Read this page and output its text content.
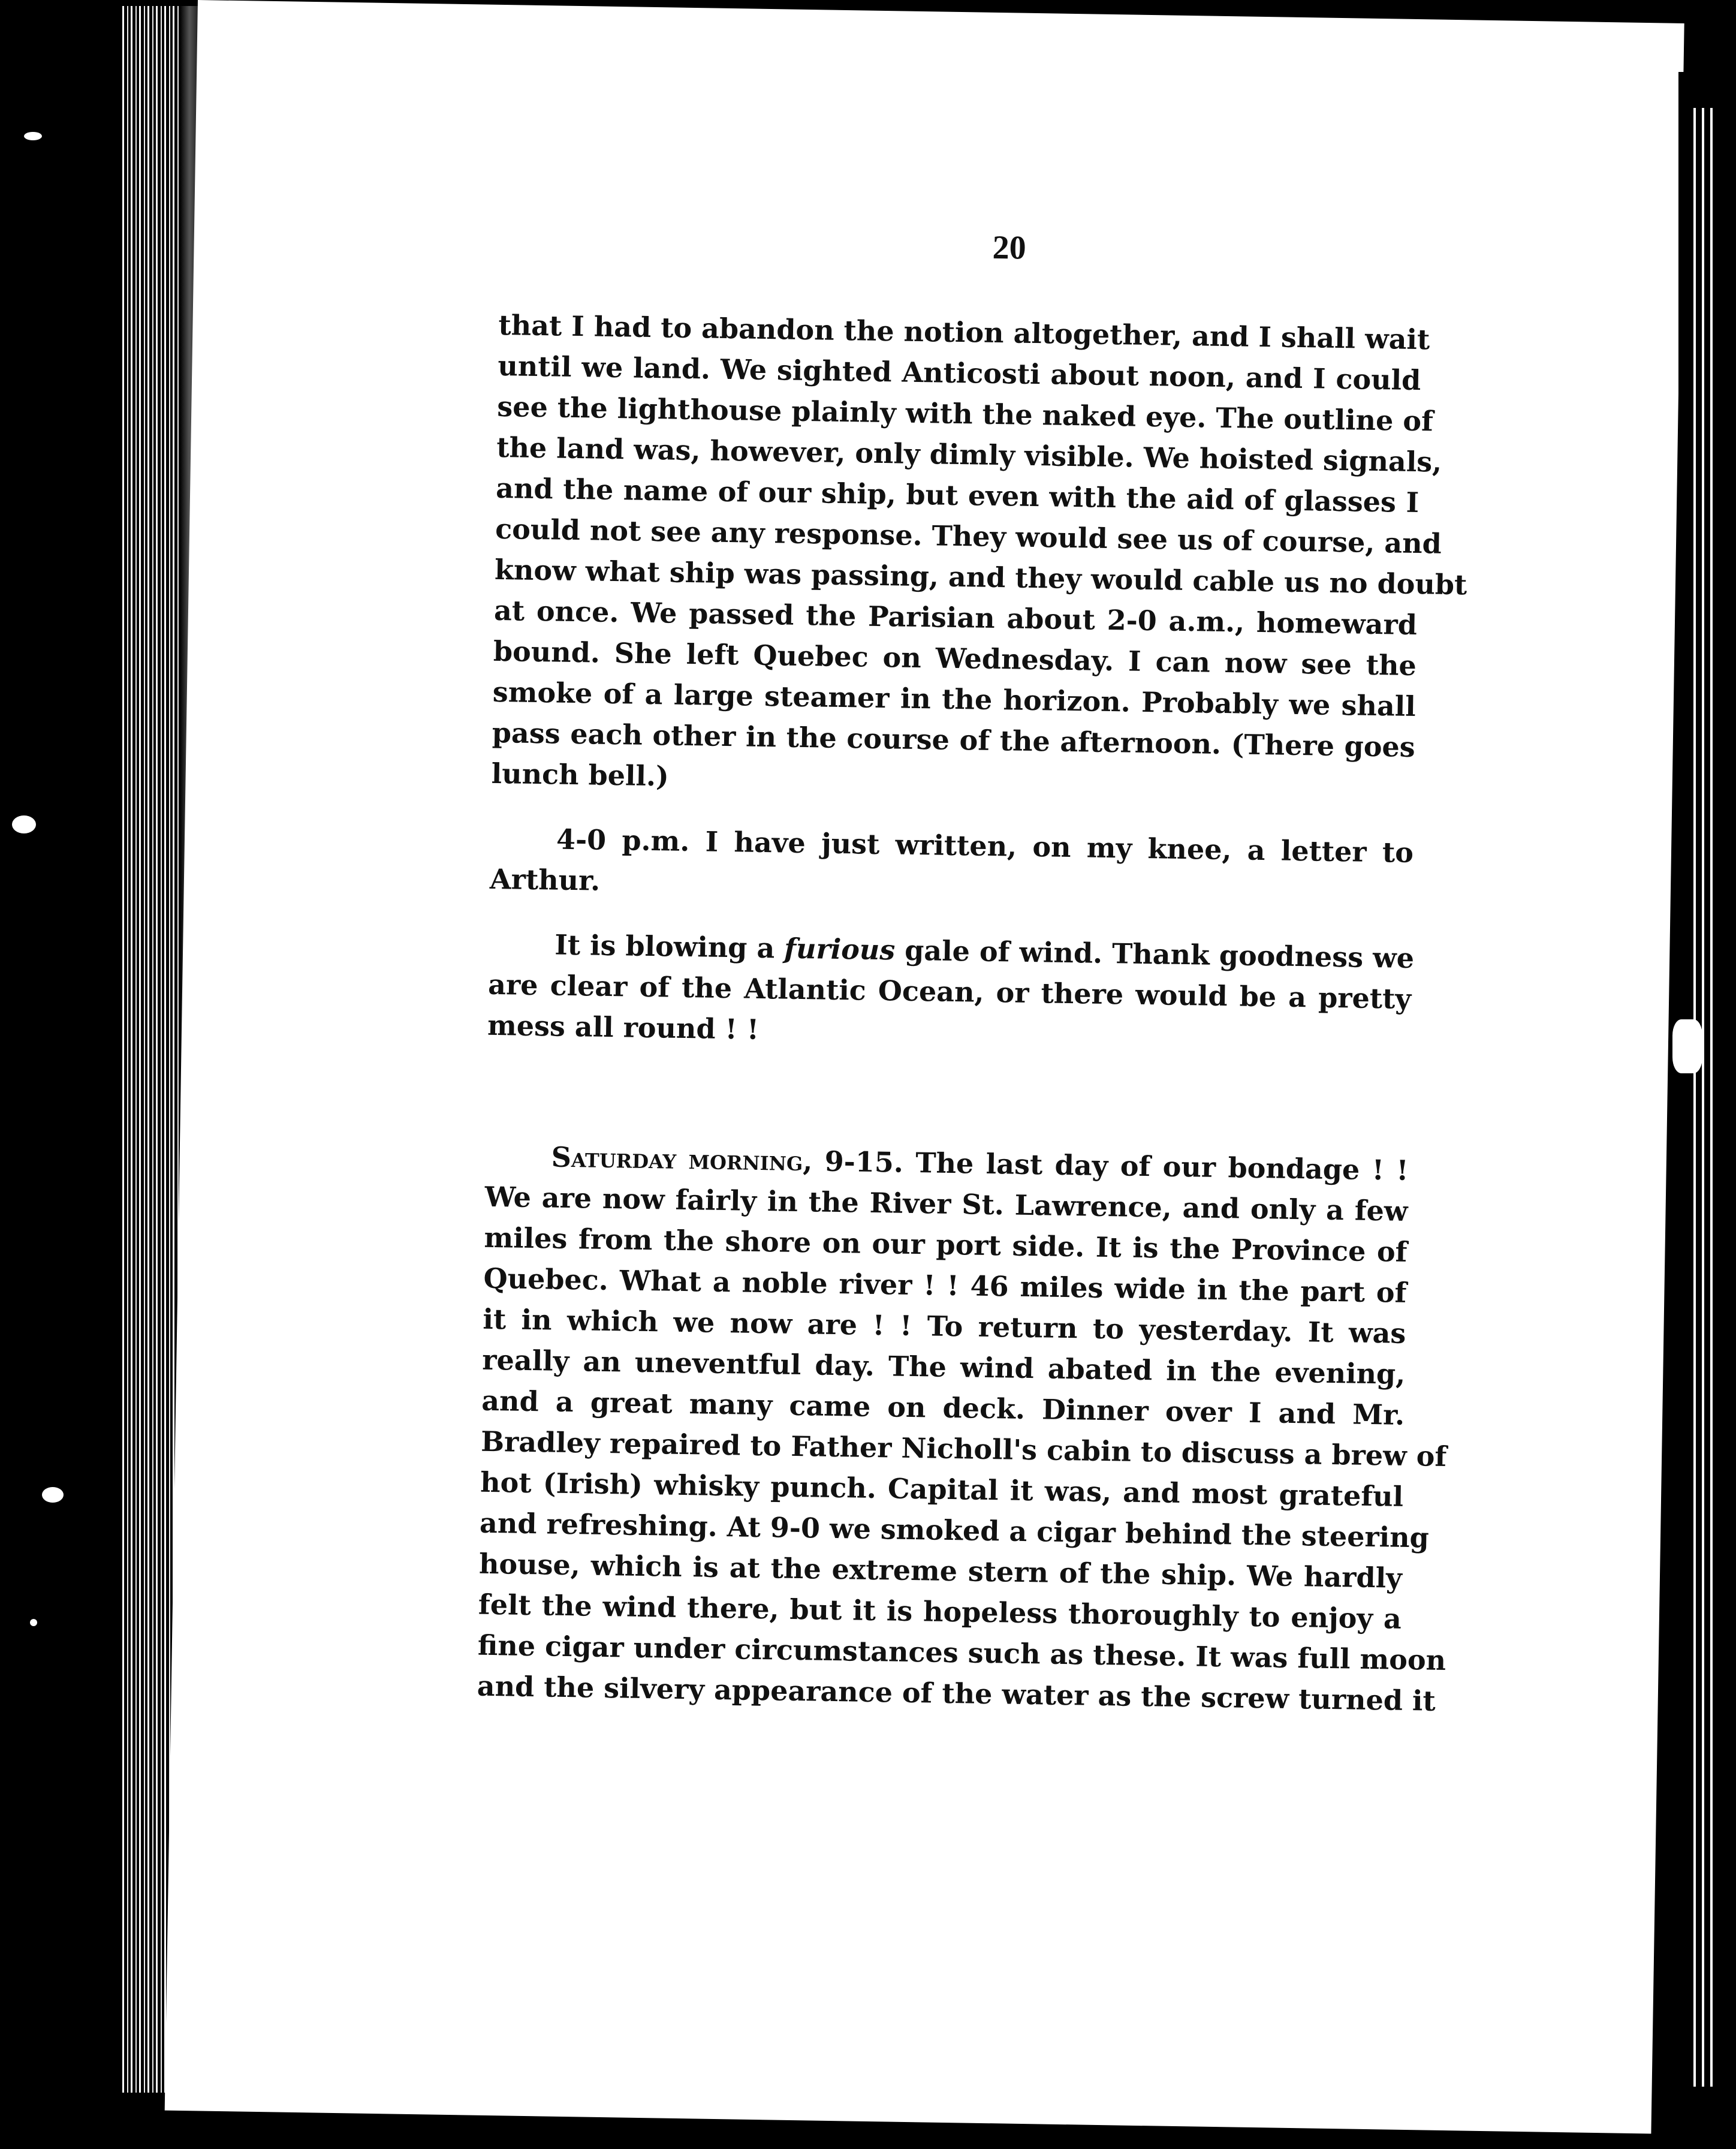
20
that I had to abandon the notion altogether, and I shall wait
until we land. We sighted Anticosti about noon, and I could
see the lighthouse plainly with the naked eye. The outline of
the land was, however, only dimly visible. We hoisted signals,
and the name of our ship, but even with the aid of glasses I
could not see any response. They would see us of course, and
know what ship was passing, and they would cable us no doubt
at once. We passed the Parisian about 2-0 a.m., homeward
bound. She left Quebec on Wednesday. I can now see the
smoke of a large steamer in the horizon. Probably we shall
pass each other in the course of the afternoon. (There goes
lunch bell.)
4-0 p.m. I have just written, on my knee, a letter to
Arthur.
It is blowing a furious gale of wind. Thank goodness we
are clear of the Atlantic Ocean, or there would be a pretty
mess all round ! !
Saturday morning, 9-15. The last day of our bondage ! !
We are now fairly in the River St. Lawrence, and only a few
miles from the shore on our port side. It is the Province of
Quebec. What a noble river ! ! 46 miles wide in the part of
it in which we now are ! ! To return to yesterday. It was
really an uneventful day. The wind abated in the evening,
and a great many came on deck. Dinner over I and Mr.
Bradley repaired to Father Nicholl's cabin to discuss a brew of
hot (Irish) whisky punch. Capital it was, and most grateful
and refreshing. At 9-0 we smoked a cigar behind the steering
house, which is at the extreme stern of the ship. We hardly
felt the wind there, but it is hopeless thoroughly to enjoy a
fine cigar under circumstances such as these. It was full moon
and the silvery appearance of the water as the screw turned it
